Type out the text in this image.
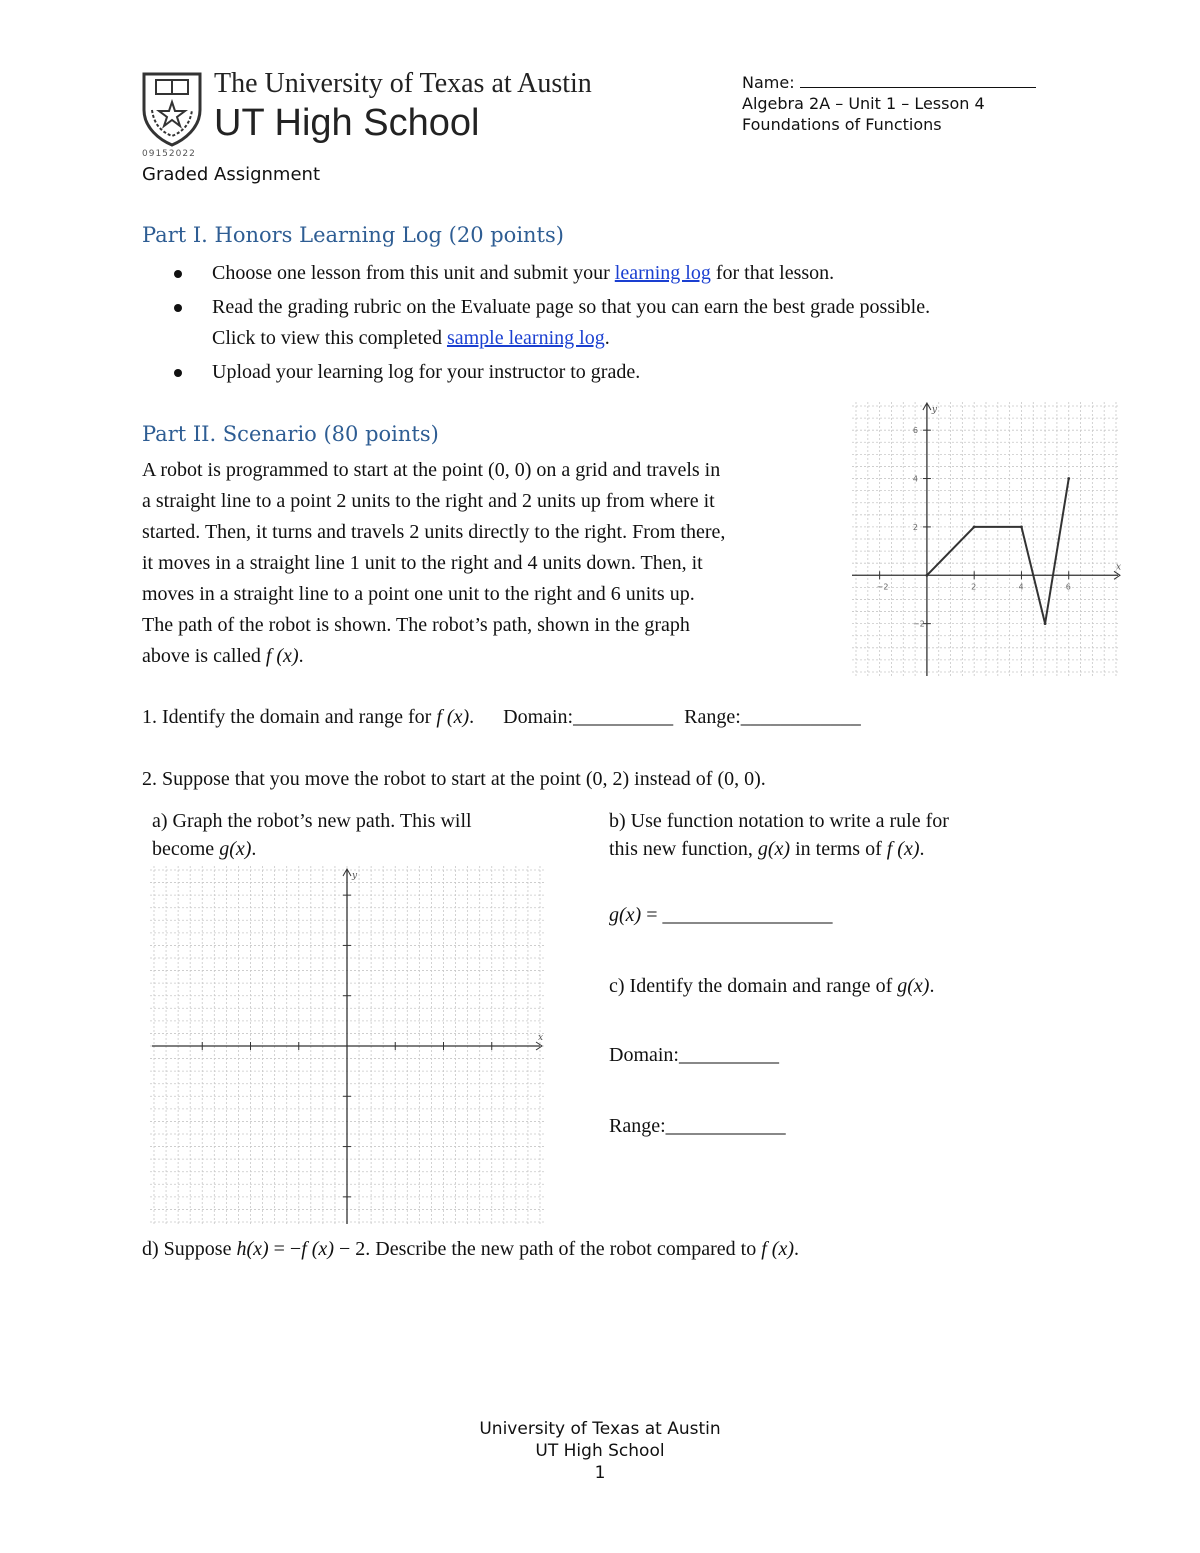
The University of Texas at Austin
UT High School
09152022
Graded Assignment
Name:
Algebra 2A – Unit 1 – Lesson 4
Foundations of Functions
Part I. Honors Learning Log (20 points)
Choose one lesson from this unit and submit your learning log for that lesson.
Read the grading rubric on the Evaluate page so that you can earn the best grade possible.
Click to view this completed sample learning log.
Upload your learning log for your instructor to grade.
Part II. Scenario (80 points)
A robot is programmed to start at the point (0, 0) on a grid and travels in
a straight line to a point 2 units to the right and 2 units up from where it
started. Then, it turns and travels 2 units directly to the right. From there,
it moves in a straight line 1 unit to the right and 4 units down. Then, it
moves in a straight line to a point one unit to the right and 6 units up.
The path of the robot is shown. The robot’s path, shown in the graph
above is called f (x).
x
y
−2	2	4	6
6
4
2
−2
1. Identify the domain and range for f (x). Domain:__________ Range:____________
2. Suppose that you move the robot to start at the point (0, 2) instead of (0, 0).
a) Graph the robot’s new path. This will
become g(x).
b) Use function notation to write a rule for
this new function, g(x) in terms of f (x).
g(x) = _________________
c) Identify the domain and range of g(x).
Domain:__________
Range:____________
x
y
d) Suppose h(x) = −f (x) − 2. Describe the new path of the robot compared to f (x).
University of Texas at Austin
UT High School
1
